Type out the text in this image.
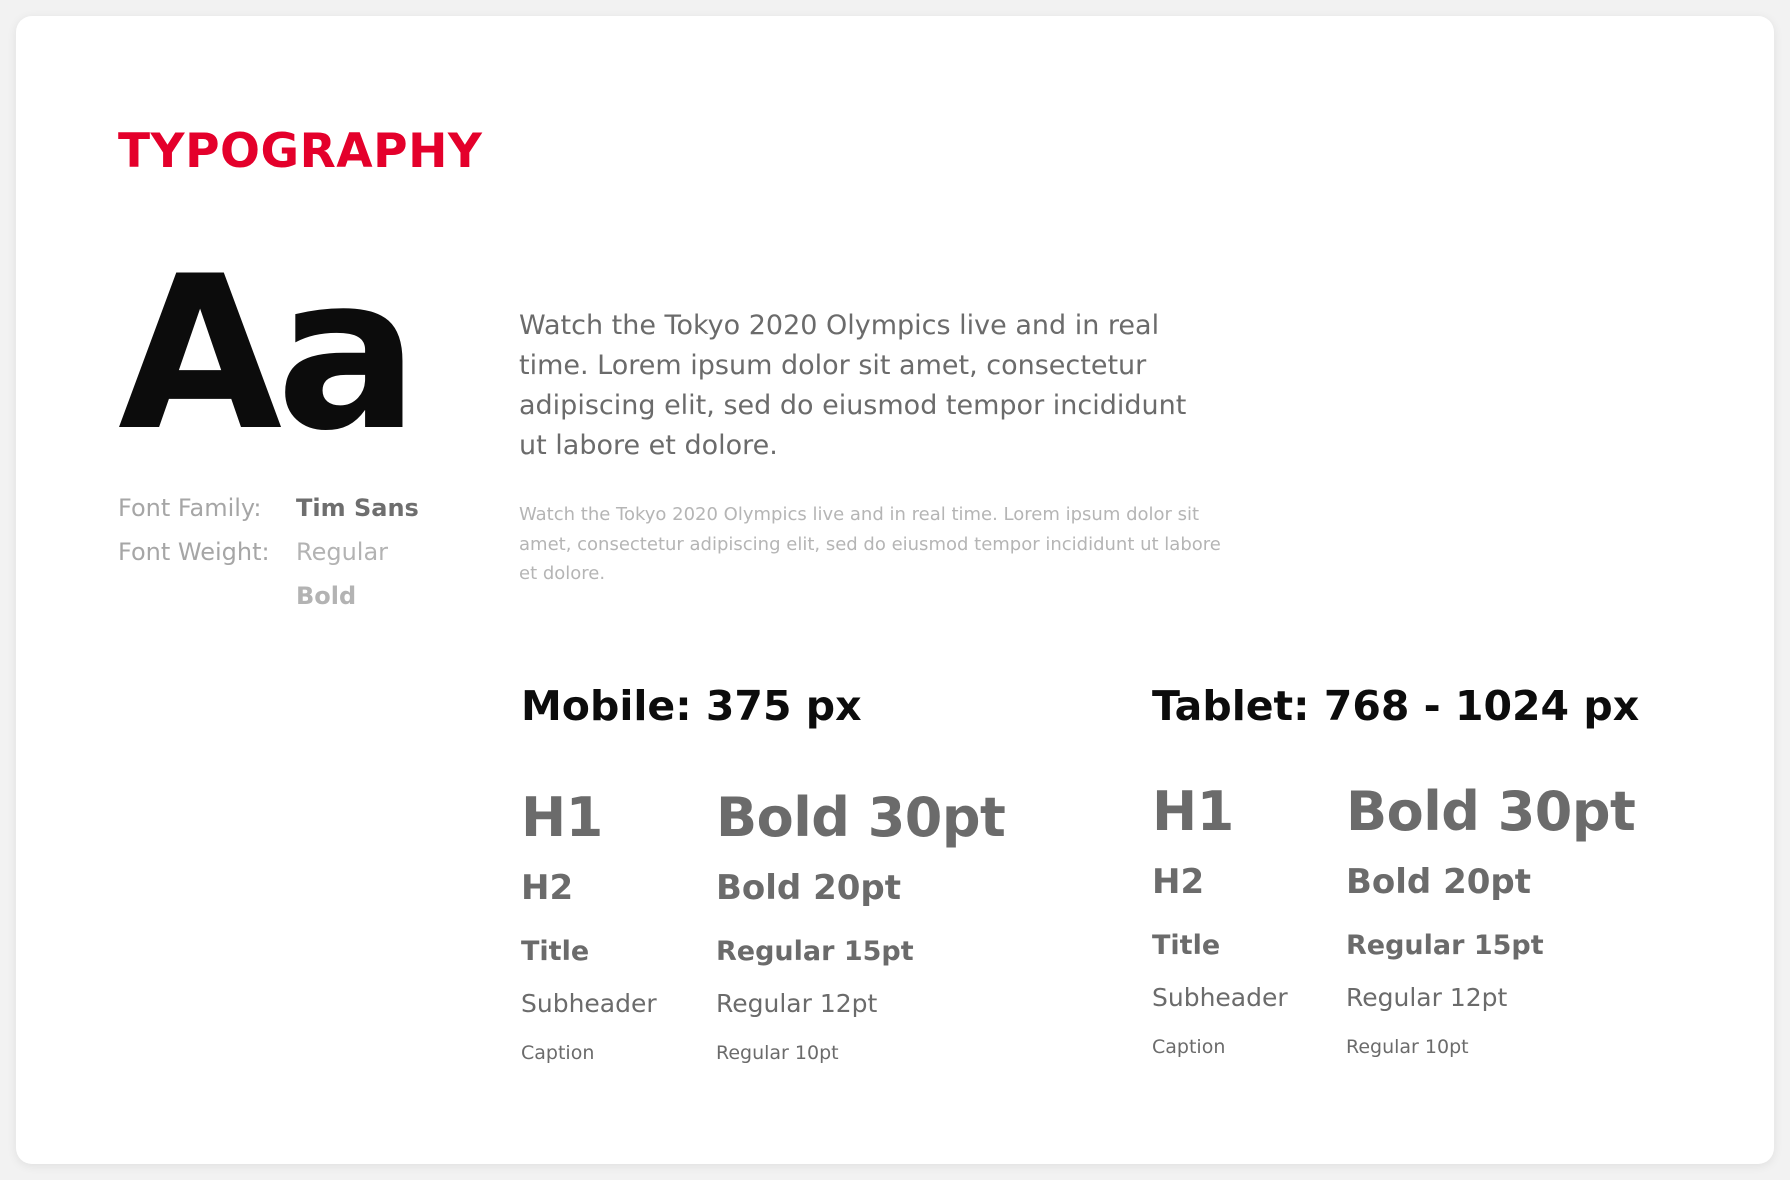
TYPOGRAPHY
Aa
Font Family: Tim Sans
Font Weight: Regular
Bold
Watch the Tokyo 2020 Olympics live and in real time. Lorem ipsum dolor sit amet, consectetur adipiscing elit, sed do eiusmod tempor incididunt ut labore et dolore.
Watch the Tokyo 2020 Olympics live and in real time. Lorem ipsum dolor sit amet, consectetur adipiscing elit, sed do eiusmod tempor incididunt ut labore et dolore.
Mobile: 375 px
H1 Bold 30pt
H2	Bold 20pt
Title	Regular 15pt
Subheader Regular 12pt
Caption	Regular 10pt
Tablet: 768 - 1024 px
H1 Bold 30pt
H2	Bold 20pt
Title	Regular 15pt
Subheader Regular 12pt
Caption	Regular 10pt
